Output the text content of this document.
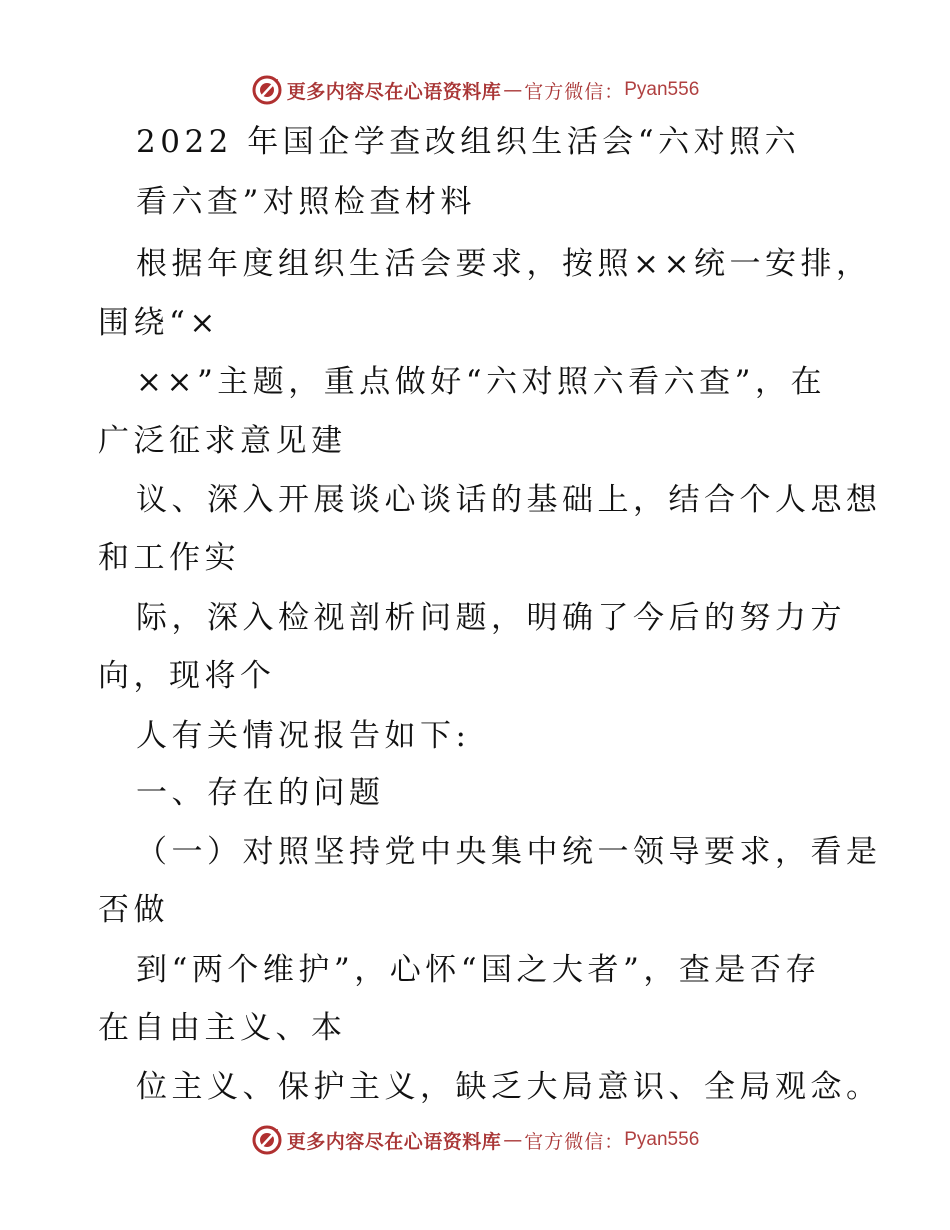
更多内容尽在心语资料库 — 官方微信： Pyan556
2022 年国企学查改组织生活会“六对照六
看六查”对照检查材料
根据年度组织生活会要求，按照××统一安排，
围绕“×
××”主题，重点做好“六对照六看六查”，在
广泛征求意见建
议、深入开展谈心谈话的基础上，结合个人思想
和工作实
际，深入检视剖析问题，明确了今后的努力方
向，现将个
人有关情况报告如下:
一、存在的问题
（一）对照坚持党中央集中统一领导要求，看是
否做
到“两个维护”，心怀“国之大者”，查是否存
在自由主义、本
位主义、保护主义，缺乏大局意识、全局观念。
更多内容尽在心语资料库 — 官方微信： Pyan556
